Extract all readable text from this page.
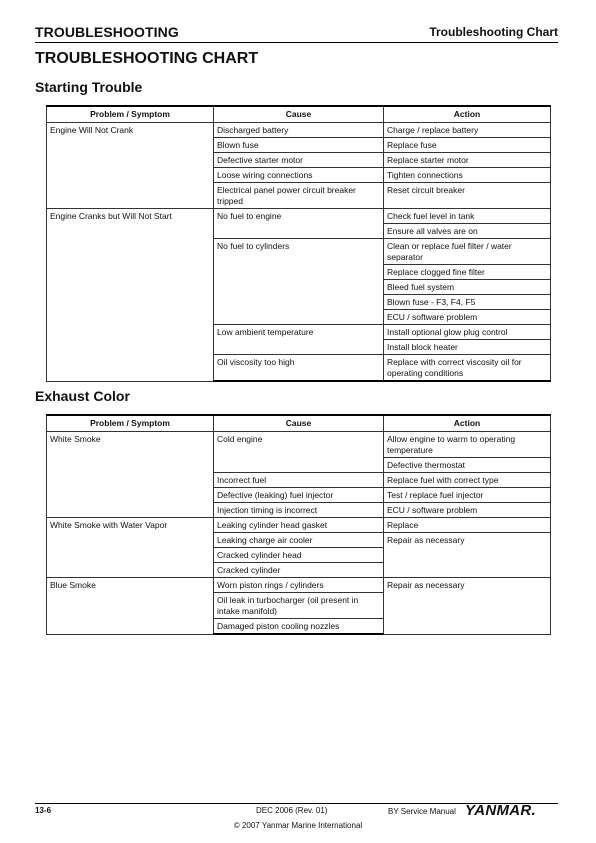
TROUBLESHOOTING	Troubleshooting Chart
TROUBLESHOOTING CHART
Starting Trouble
Problem / Symptom	Cause	Action
Engine Will Not Crank	Discharged battery	Charge / replace battery
	Blown fuse	Replace fuse
	Defective starter motor	Replace starter motor
	Loose wiring connections	Tighten connections
	Electrical panel power circuit breaker tripped	Reset circuit breaker
Engine Cranks but Will Not Start	No fuel to engine	Check fuel level in tank
		Ensure all valves are on
	No fuel to cylinders	Clean or replace fuel filter / water separator
		Replace clogged fine filter
		Bleed fuel system
		Blown fuse - F3, F4, F5
		ECU / software problem
	Low ambient temperature	Install optional glow plug control
		Install block heater
	Oil viscosity too high	Replace with correct viscosity oil for operating conditions
Exhaust Color
Problem / Symptom	Cause	Action
White Smoke	Cold engine	Allow engine to warm to operating temperature
		Defective thermostat
	Incorrect fuel	Replace fuel with correct type
	Defective (leaking) fuel injector	Test / replace fuel injector
	Injection timing is incorrect	ECU / software problem
White Smoke with Water Vapor	Leaking cylinder head gasket	Replace
	Leaking charge air cooler	Repair as necessary
	Cracked cylinder head	
	Cracked cylinder	
Blue Smoke	Worn piston rings / cylinders	Repair as necessary
	Oil leak in turbocharger (oil present in intake manifold)	
	Damaged piston cooling nozzles	
13-6	DEC 2006 (Rev. 01)	BY Service Manual YANMAR.
© 2007 Yanmar Marine International
